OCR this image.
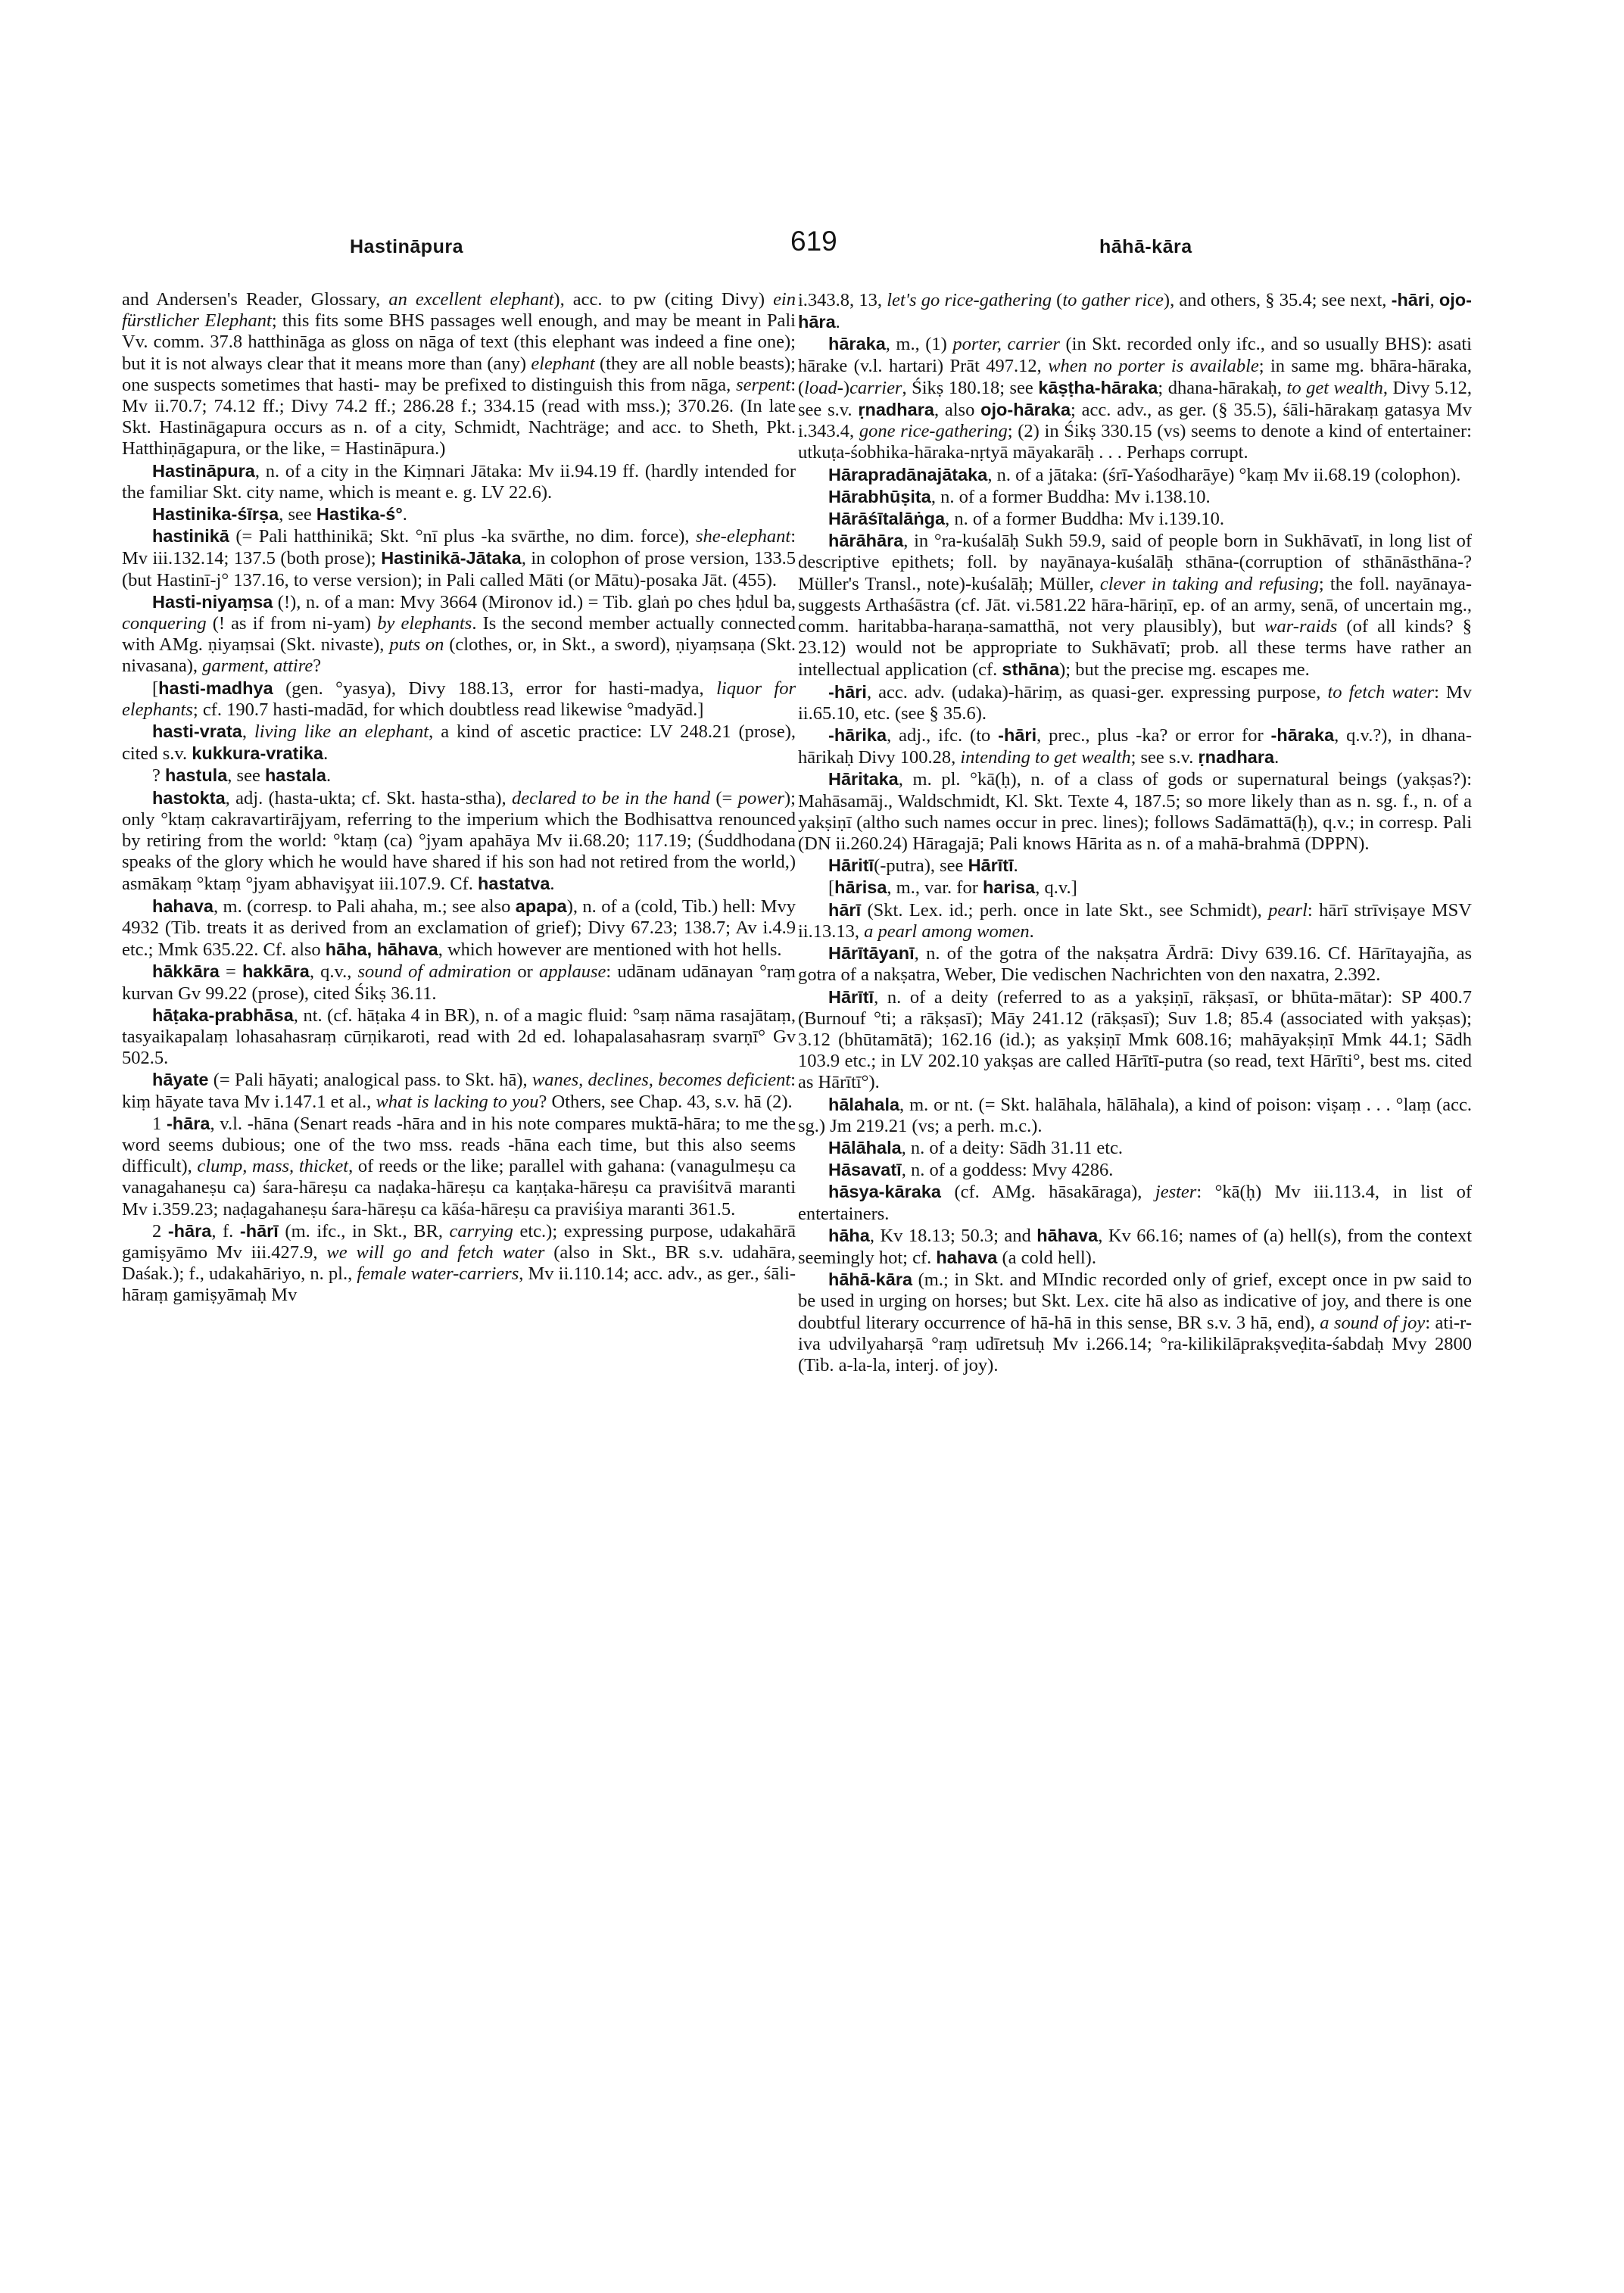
Hastināpura	619	hāhā-kāra

and Andersen's Reader, Glossary, an excellent elephant), acc. to pw (citing Divy) ein fürstlicher Elephant; this fits some BHS passages well enough, and may be meant in Pali Vv. comm. 37.8 hatthināga as gloss on nāga of text (this elephant was indeed a fine one); but it is not always clear that it means more than (any) elephant (they are all noble beasts); one suspects sometimes that hasti- may be prefixed to distinguish this from nāga, serpent: Mv ii.70.7; 74.12 ff.; Divy 74.2 ff.; 286.28 f.; 334.15 (read with mss.); 370.26. (In late Skt. Hastināgapura occurs as n. of a city, Schmidt, Nachträge; and acc. to Sheth, Pkt. Hatthiṇāgapura, or the like, = Hastināpura.)

Hastināpura, n. of a city in the Kiṃnari Jātaka: Mv ii.94.19 ff. (hardly intended for the familiar Skt. city name, which is meant e. g. LV 22.6).

Hastinika-śīrṣa, see Hastika-ś°.

hastinikā (= Pali hatthinikā; Skt. °nī plus -ka svārthe, no dim. force), she-elephant: Mv iii.132.14; 137.5 (both prose); Hastinikā-Jātaka, in colophon of prose version, 133.5 (but Hastinī-j° 137.16, to verse version); in Pali called Māti (or Mātu)-posaka Jāt. (455).

Hasti-niyaṃsa (!), n. of a man: Mvy 3664 (Mironov id.) = Tib. glaṅ po ches ḥdul ba, conquering (! as if from ni-yam) by elephants. Is the second member actually connected with AMg. ṇiyaṃsai (Skt. nivaste), puts on (clothes, or, in Skt., a sword), ṇiyaṃsaṇa (Skt. nivasana), garment, attire?

[hasti-madhya (gen. °yasya), Divy 188.13, error for hasti-madya, liquor for elephants; cf. 190.7 hasti-madād, for which doubtless read likewise °madyād.]

hasti-vrata, living like an elephant, a kind of ascetic practice: LV 248.21 (prose), cited s.v. kukkura-vratika.

? hastula, see hastala.

hastokta, adj. (hasta-ukta; cf. Skt. hasta-stha), declared to be in the hand (= power); only °ktaṃ cakravartirājyam, referring to the imperium which the Bodhisattva renounced by retiring from the world: °ktaṃ (ca) °jyam apahāya Mv ii.68.20; 117.19; (Śuddhodana speaks of the glory which he would have shared if his son had not retired from the world,) asmākaṃ °ktaṃ °jyam abhavişyat iii.107.9. Cf. hastatva.

hahava, m. (corresp. to Pali ahaha, m.; see also apapa), n. of a (cold, Tib.) hell: Mvy 4932 (Tib. treats it as derived from an exclamation of grief); Divy 67.23; 138.7; Av i.4.9 etc.; Mmk 635.22. Cf. also hāha, hāhava, which however are mentioned with hot hells.

hākkāra = hakkāra, q.v., sound of admiration or applause: udānam udānayan °raṃ kurvan Gv 99.22 (prose), cited Śikṣ 36.11.

hāṭaka-prabhāsa, nt. (cf. hāṭaka 4 in BR), n. of a magic fluid: °saṃ nāma rasajātaṃ, tasyaikapalaṃ lohasahasraṃ cūrṇikaroti, read with 2d ed. lohapalasahasraṃ svarṇī° Gv 502.5.

hāyate (= Pali hāyati; analogical pass. to Skt. hā), wanes, declines, becomes deficient: kiṃ hāyate tava Mv i.147.1 et al., what is lacking to you? Others, see Chap. 43, s.v. hā (2).

1 -hāra, v.l. -hāna (Senart reads -hāra and in his note compares muktā-hāra; to me the word seems dubious; one of the two mss. reads -hāna each time, but this also seems difficult), clump, mass, thicket, of reeds or the like; parallel with gahana: (vanagulmeṣu ca vanagahaneṣu ca) śara-hāreṣu ca naḍaka-hāreṣu ca kaṇṭaka-hāreṣu ca praviśitvā maranti Mv i.359.23; naḍagahaneṣu śara-hāreṣu ca kāśa-hāreṣu ca praviśiya maranti 361.5.

2 -hāra, f. -hārī (m. ifc., in Skt., BR, carrying etc.); expressing purpose, udakahārā gamiṣyāmo Mv iii.427.9, we will go and fetch water (also in Skt., BR s.v. udahāra, Daśak.); f., udakahāriyo, n. pl., female water-carriers, Mv ii.110.14; acc. adv., as ger., śāli-hāraṃ gamiṣyāmaḥ Mv

i.343.8, 13, let's go rice-gathering (to gather rice), and others, § 35.4; see next, -hāri, ojo-hāra.

hāraka, m., (1) porter, carrier (in Skt. recorded only ifc., and so usually BHS): asati hārake (v.l. hartari) Prāt 497.12, when no porter is available; in same mg. bhāra-hāraka, (load-)carrier, Śikṣ 180.18; see kāṣṭha-hāraka; dhana-hārakaḥ, to get wealth, Divy 5.12, see s.v. ṛnadhara, also ojo-hāraka; acc. adv., as ger. (§ 35.5), śāli-hārakaṃ gatasya Mv i.343.4, gone rice-gathering; (2) in Śikṣ 330.15 (vs) seems to denote a kind of entertainer: utkuṭa-śobhika-hāraka-nṛtyā māyakarāḥ . . . Perhaps corrupt.

Hārapradānajātaka, n. of a jātaka: (śrī-Yaśodharāye) °kaṃ Mv ii.68.19 (colophon).

Hārabhūṣita, n. of a former Buddha: Mv i.138.10.

Hārāśītalāṅga, n. of a former Buddha: Mv i.139.10.

hārāhāra, in °ra-kuśalāḥ Sukh 59.9, said of people born in Sukhāvatī, in long list of descriptive epithets; foll. by nayānaya-kuśalāḥ sthāna-(corruption of sthānāsthāna-? Müller's Transl., note)-kuśalāḥ; Müller, clever in taking and refusing; the foll. nayānaya- suggests Arthaśāstra (cf. Jāt. vi.581.22 hāra-hāriṇī, ep. of an army, senā, of uncertain mg., comm. haritabba-haraṇa-samatthā, not very plausibly), but war-raids (of all kinds? § 23.12) would not be appropriate to Sukhāvatī; prob. all these terms have rather an intellectual application (cf. sthāna); but the precise mg. escapes me.

-hāri, acc. adv. (udaka)-hāriṃ, as quasi-ger. expressing purpose, to fetch water: Mv ii.65.10, etc. (see § 35.6).

-hārika, adj., ifc. (to -hāri, prec., plus -ka? or error for -hāraka, q.v.?), in dhana-hārikaḥ Divy 100.28, intending to get wealth; see s.v. ṛnadhara.

Hāritaka, m. pl. °kā(ḥ), n. of a class of gods or supernatural beings (yakṣas?): Mahāsamāj., Waldschmidt, Kl. Skt. Texte 4, 187.5; so more likely than as n. sg. f., n. of a yakṣiṇī (altho such names occur in prec. lines); follows Sadāmattā(ḥ), q.v.; in corresp. Pali (DN ii.260.24) Hāragajā; Pali knows Hārita as n. of a mahā-brahmā (DPPN).

Hāritī(-putra), see Hārītī.

[hārisa, m., var. for harisa, q.v.]

hārī (Skt. Lex. id.; perh. once in late Skt., see Schmidt), pearl: hārī strīviṣaye MSV ii.13.13, a pearl among women.

Hārītāyanī, n. of the gotra of the nakṣatra Ārdrā: Divy 639.16. Cf. Hārītayajña, as gotra of a nakṣatra, Weber, Die vedischen Nachrichten von den naxatra, 2.392.

Hārītī, n. of a deity (referred to as a yakṣiṇī, rākṣasī, or bhūta-mātar): SP 400.7 (Burnouf °ti; a rākṣasī); Māy 241.12 (rākṣasī); Suv 1.8; 85.4 (associated with yakṣas); 3.12 (bhūtamātā); 162.16 (id.); as yakṣiṇī Mmk 608.16; mahāyakṣiṇī Mmk 44.1; Sādh 103.9 etc.; in LV 202.10 yakṣas are called Hārītī-putra (so read, text Hārīti°, best ms. cited as Hārītī°).

hālahala, m. or nt. (= Skt. halāhala, hālāhala), a kind of poison: viṣaṃ . . . °laṃ (acc. sg.) Jm 219.21 (vs; a perh. m.c.).

Hālāhala, n. of a deity: Sādh 31.11 etc.

Hāsavatī, n. of a goddess: Mvy 4286.

hāsya-kāraka (cf. AMg. hāsakāraga), jester: °kā(ḥ) Mv iii.113.4, in list of entertainers.

hāha, Kv 18.13; 50.3; and hāhava, Kv 66.16; names of (a) hell(s), from the context seemingly hot; cf. hahava (a cold hell).

hāhā-kāra (m.; in Skt. and MIndic recorded only of grief, except once in pw said to be used in urging on horses; but Skt. Lex. cite hā also as indicative of joy, and there is one doubtful literary occurrence of hā-hā in this sense, BR s.v. 3 hā, end), a sound of joy: ati-r-iva udvilyaharṣā °raṃ udīretsuḥ Mv i.266.14; °ra-kilikilāprakṣveḍita-śabdaḥ Mvy 2800 (Tib. a-la-la, interj. of joy).
